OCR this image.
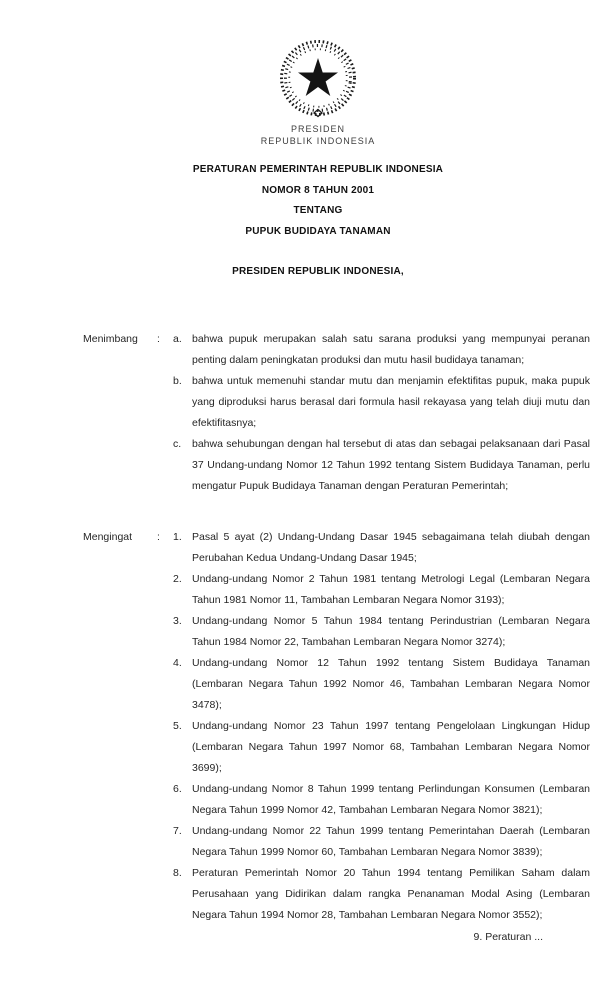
PRESIDEN
REPUBLIK INDONESIA
PERATURAN PEMERINTAH REPUBLIK INDONESIA
NOMOR 8 TAHUN 2001
TENTANG
PUPUK BUDIDAYA TANAMAN
PRESIDEN REPUBLIK INDONESIA,
Menimbang	:	a. bahwa pupuk merupakan salah satu sarana produksi yang mempunyai peranan penting dalam peningkatan produksi dan mutu hasil budidaya tanaman;
b. bahwa untuk memenuhi standar mutu dan menjamin efektifitas pupuk, maka pupuk yang diproduksi harus berasal dari formula hasil rekayasa yang telah diuji mutu dan efektifitasnya;
c.	bahwa sehubungan dengan hal tersebut di atas dan sebagai pelaksanaan dari Pasal 37 Undang-undang Nomor 12 Tahun 1992 tentang Sistem Budidaya Tanaman, perlu mengatur Pupuk Budidaya Tanaman dengan Peraturan Pemerintah;
Mengingat	:	1. Pasal 5 ayat (2) Undang-Undang Dasar 1945 sebagaimana telah diubah dengan Perubahan Kedua Undang-Undang Dasar 1945;
2. Undang-undang Nomor 2 Tahun 1981 tentang Metrologi Legal (Lembaran Negara Tahun 1981 Nomor 11, Tambahan Lembaran Negara Nomor 3193);
3. Undang-undang Nomor 5 Tahun 1984 tentang Perindustrian (Lembaran Negara Tahun 1984 Nomor 22, Tambahan Lembaran Negara Nomor 3274);
4. Undang-undang Nomor 12 Tahun 1992 tentang Sistem Budidaya Tanaman (Lembaran Negara Tahun 1992 Nomor 46, Tambahan Lembaran Negara Nomor 3478);
5. Undang-undang Nomor 23 Tahun 1997 tentang Pengelolaan Lingkungan Hidup (Lembaran Negara Tahun 1997 Nomor 68, Tambahan Lembaran Negara Nomor 3699);
6. Undang-undang Nomor 8 Tahun 1999 tentang Perlindungan Konsumen (Lembaran Negara Tahun 1999 Nomor 42, Tambahan Lembaran Negara Nomor 3821);
7. Undang-undang Nomor 22 Tahun 1999 tentang Pemerintahan Daerah (Lembaran Negara Tahun 1999 Nomor 60, Tambahan Lembaran Negara Nomor 3839);
8. Peraturan Pemerintah Nomor 20 Tahun 1994 tentang Pemilikan Saham dalam Perusahaan yang Didirikan dalam rangka Penanaman Modal Asing (Lembaran Negara Tahun 1994 Nomor 28, Tambahan Lembaran Negara Nomor 3552);
9. Peraturan ...
